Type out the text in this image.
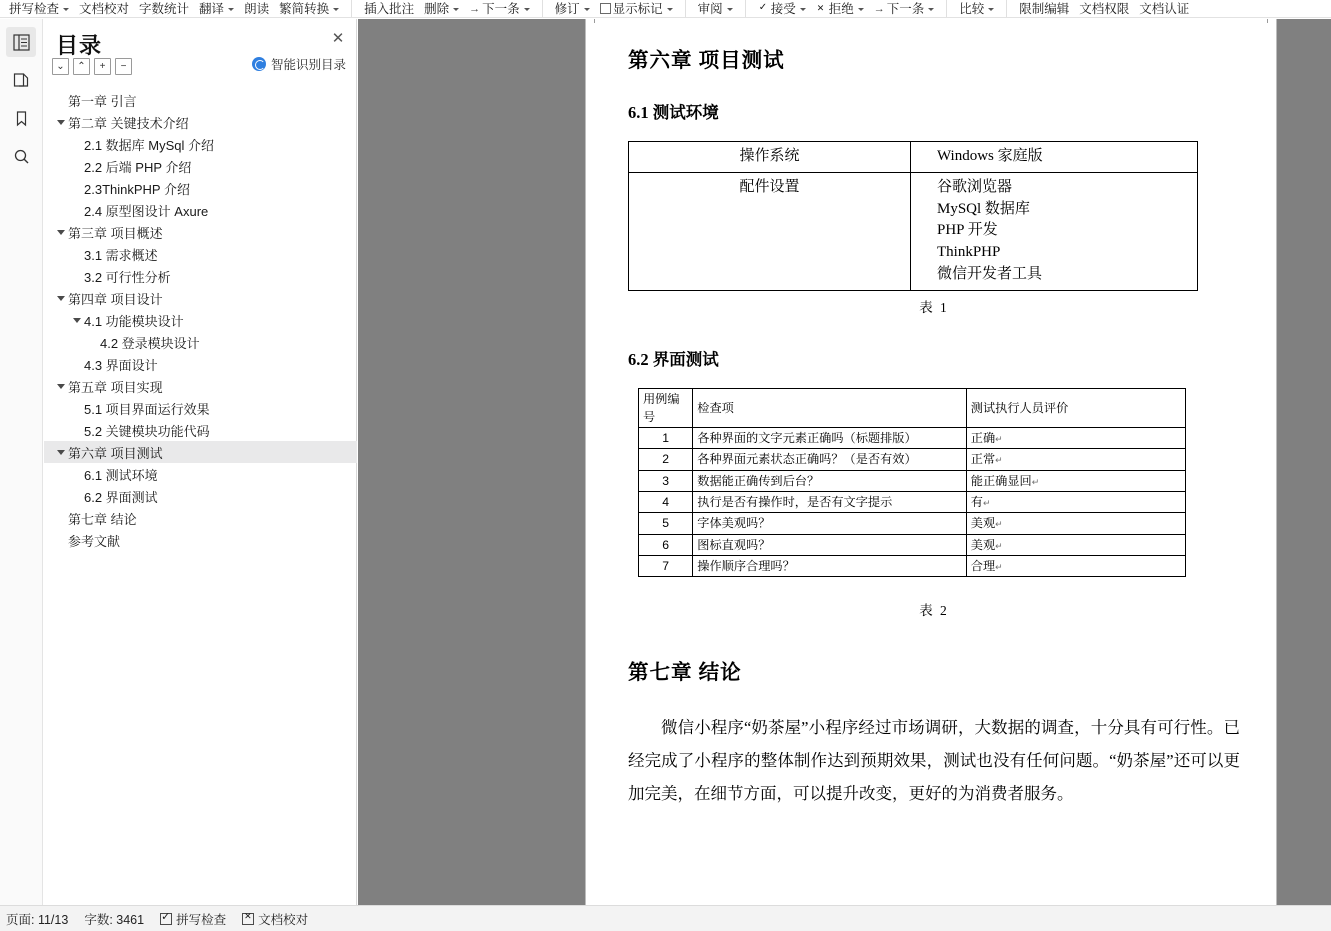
拼写检查 文档校对 字数统计 翻译 朗读 繁简转换	插入批注 删除 →	下一条	修订	显示标记	审阅 ✓	接受 ✕	拒绝 →	下一条	比较	限制编辑 文档权限 文档认证
目录	✕
⌄	⌃	+	−	智能识别目录
第一章 引言
第二章 关键技术介绍
2.1 数据库 MySql 介绍
2.2 后端 PHP 介绍
2.3ThinkPHP 介绍
2.4 原型图设计 Axure
第三章 项目概述
3.1 需求概述
3.2 可行性分析
第四章 项目设计
4.1 功能模块设计
4.2 登录模块设计
4.3 界面设计
第五章 项目实现
5.1 项目界面运行效果
5.2 关键模块功能代码
第六章 项目测试
6.1 测试环境
6.2 界面测试
第七章 结论
参考文献
第六章 项目测试
6.1 测试环境
操作系统	Windows 家庭版

配件设置	谷歌浏览器
MySQl 数据库
PHP 开发
ThinkPHP
微信开发者工具
表 1
6.2 界面测试
用例编号	检查项	测试执行人员评价
1	各种界面的文字元素正确吗（标题排版）	正确↵
2	各种界面元素状态正确吗？（是否有效）	正常↵
3	数据能正确传到后台？	能正确显回↵
4	执行是否有操作时，是否有文字提示	有↵
5	字体美观吗？	美观↵
6	图标直观吗？	美观↵
7	操作顺序合理吗？	合理↵
表 2
第七章 结论

微信小程序“奶茶屋”小程序经过市场调研，大数据的调查，十分具有可行性。已经完成了小程序的整体制作达到预期效果，测试也没有任何问题。“奶茶屋”还可以更加完美，在细节方面，可以提升改变，更好的为消费者服务。

页面: 11/13 字数: 3461 ✓	拼写检查 ✕	文档校对
